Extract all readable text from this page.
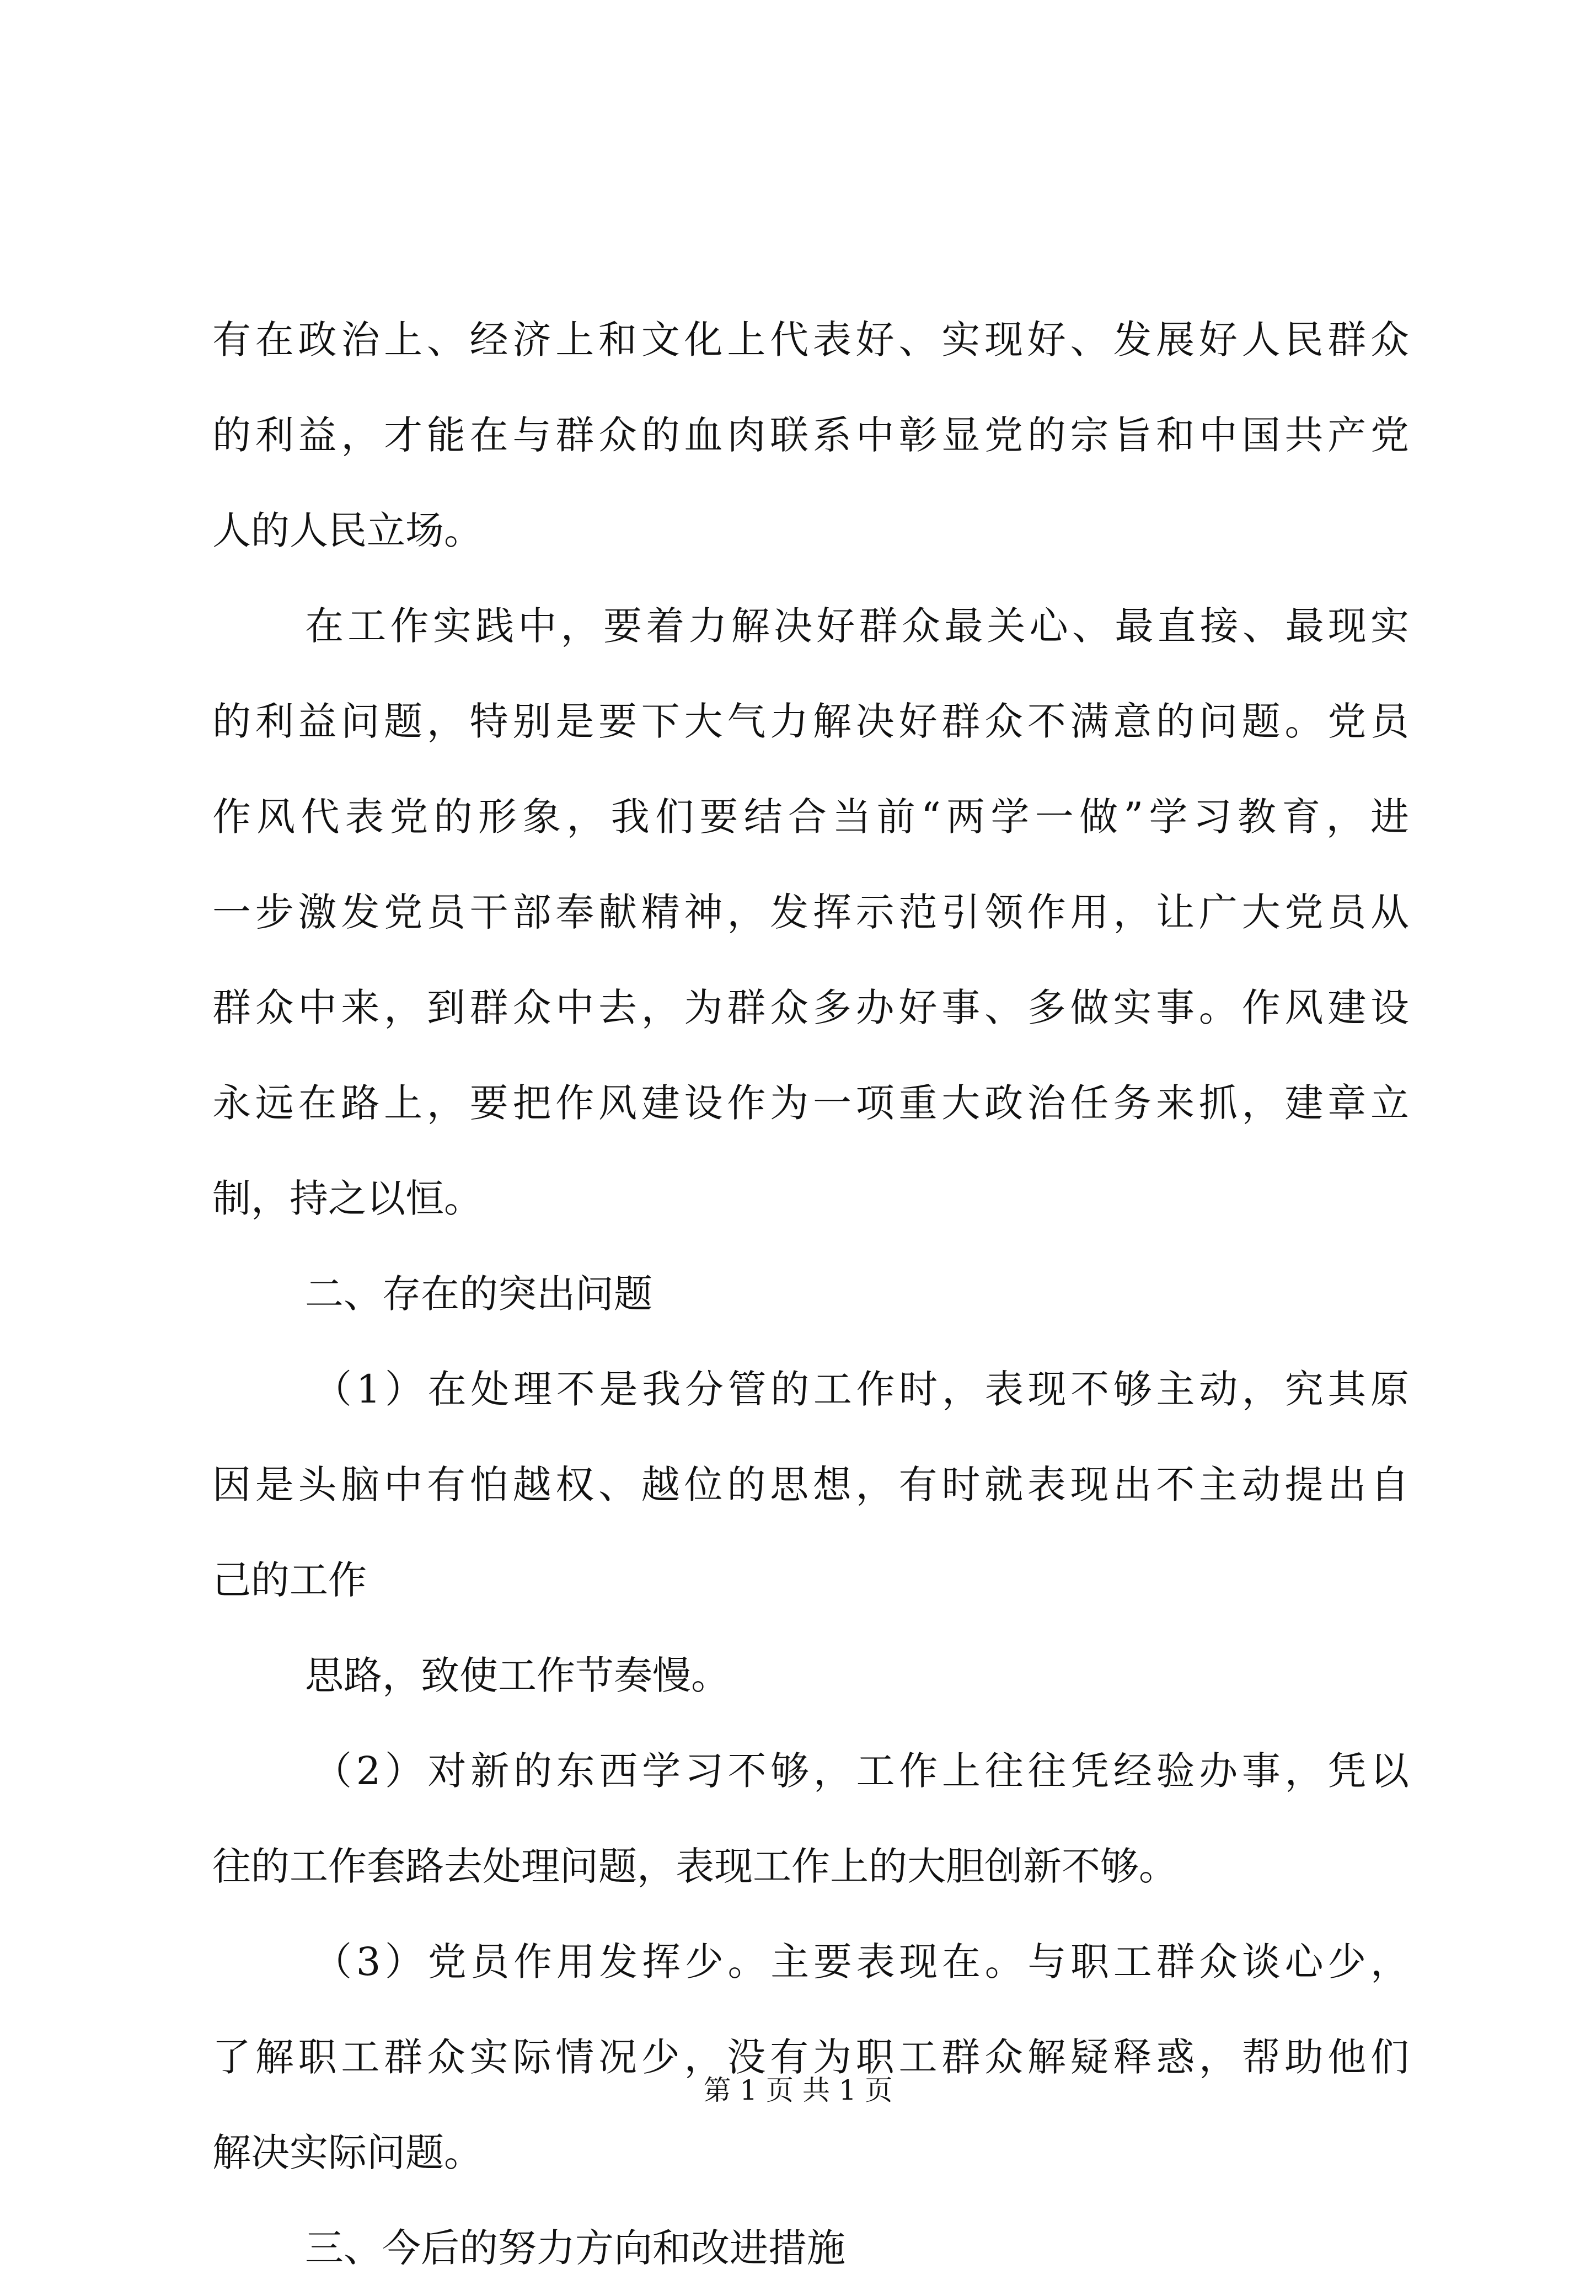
有在政治上、经济上和文化上代表好、实现好、发展好人民群众
的利益，才能在与群众的血肉联系中彰显党的宗旨和中国共产党
人的人民立场。
在工作实践中，要着力解决好群众最关心、最直接、最现实
的利益问题，特别是要下大气力解决好群众不满意的问题。党员
作风代表党的形象，我们要结合当前“两学一做”学习教育，进
一步激发党员干部奉献精神，发挥示范引领作用，让广大党员从
群众中来，到群众中去，为群众多办好事、多做实事。作风建设
永远在路上，要把作风建设作为一项重大政治任务来抓，建章立
制，持之以恒。
二、存在的突出问题
（1）在处理不是我分管的工作时，表现不够主动，究其原
因是头脑中有怕越权、越位的思想，有时就表现出不主动提出自
己的工作
思路，致使工作节奏慢。
（2）对新的东西学习不够，工作上往往凭经验办事，凭以
往的工作套路去处理问题，表现工作上的大胆创新不够。
（3）党员作用发挥少。主要表现在。与职工群众谈心少，
了解职工群众实际情况少，没有为职工群众解疑释惑，帮助他们
解决实际问题。
三、今后的努力方向和改进措施
第 1 页 共 1 页
